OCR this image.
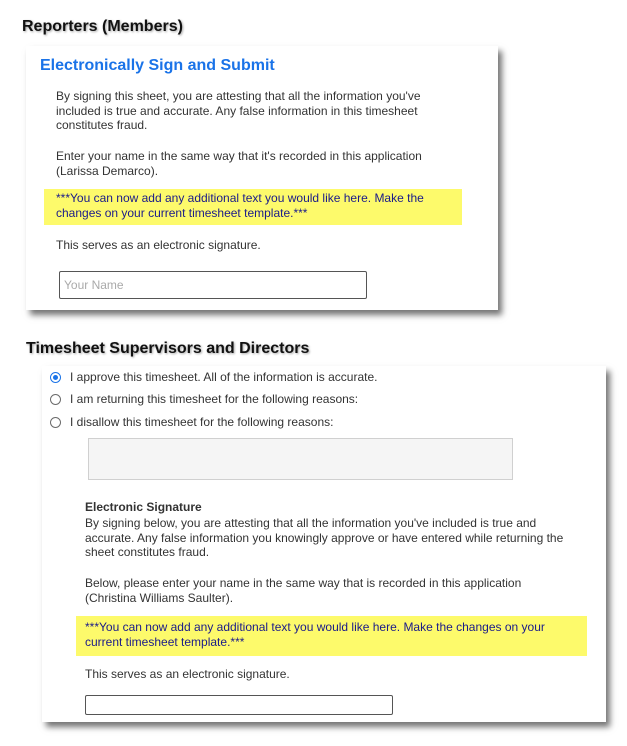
Reporters (Members)
Electronically Sign and Submit
By signing this sheet, you are attesting that all the information you've included is true and accurate. Any false information in this timesheet constitutes fraud.
Enter your name in the same way that it's recorded in this application (Larissa Demarco).
***You can now add any additional text you would like here. Make the changes on your current timesheet template.***
This serves as an electronic signature.
Your Name
Timesheet Supervisors and Directors
I approve this timesheet. All of the information is accurate.
I am returning this timesheet for the following reasons:
I disallow this timesheet for the following reasons:
Electronic Signature
By signing below, you are attesting that all the information you've included is true and accurate. Any false information you knowingly approve or have entered while returning the sheet constitutes fraud.
Below, please enter your name in the same way that is recorded in this application (Christina Williams Saulter).
***You can now add any additional text you would like here. Make the changes on your current timesheet template.***
This serves as an electronic signature.
